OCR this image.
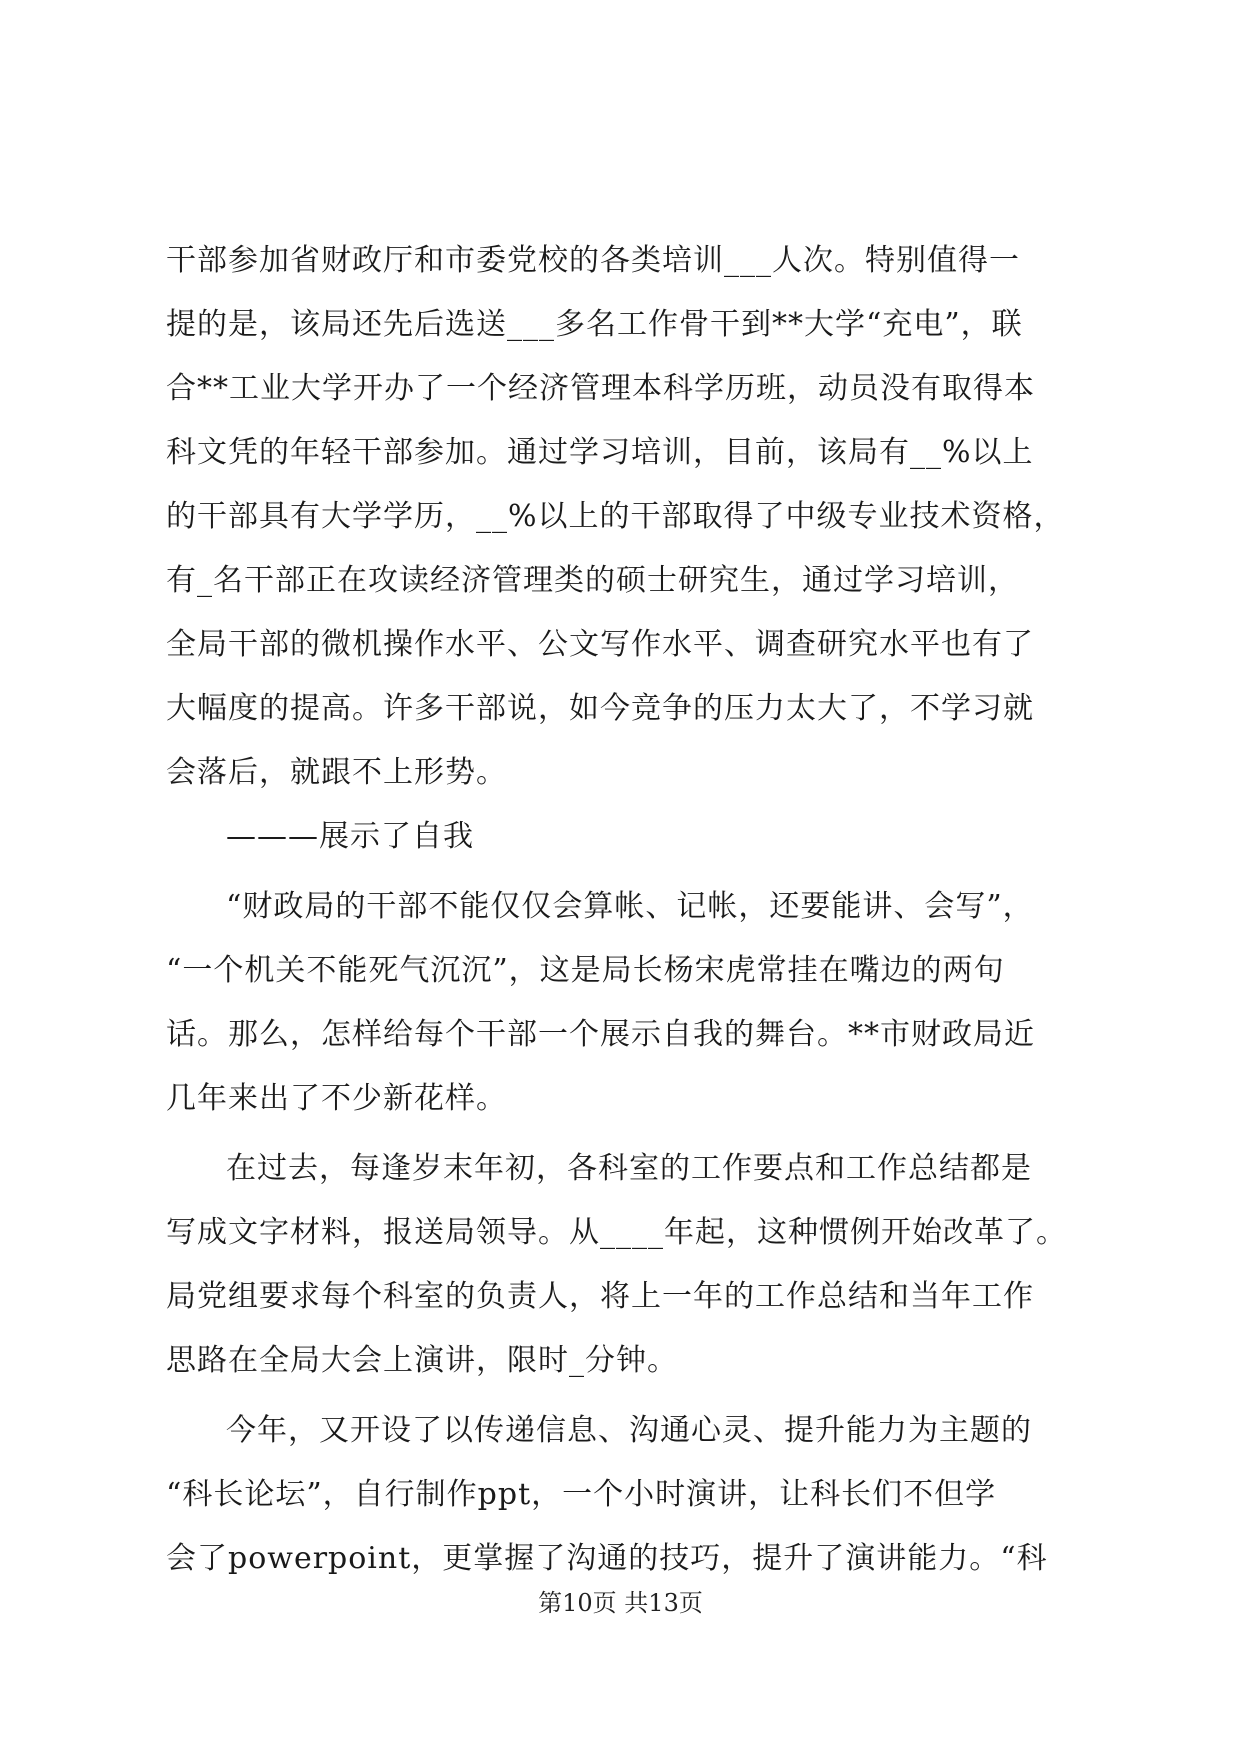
干部参加省财政厅和市委党校的各类培训___人次。特别值得一
提的是，该局还先后选送___多名工作骨干到**大学“充电”，联
合**工业大学开办了一个经济管理本科学历班，动员没有取得本
科文凭的年轻干部参加。通过学习培训，目前，该局有__%以上
的干部具有大学学历，__%以上的干部取得了中级专业技术资格，
有_名干部正在攻读经济管理类的硕士研究生，通过学习培训，
全局干部的微机操作水平、公文写作水平、调查研究水平也有了
大幅度的提高。许多干部说，如今竞争的压力太大了，不学习就
会落后，就跟不上形势。
———展示了自我
“财政局的干部不能仅仅会算帐、记帐，还要能讲、会写”，
“一个机关不能死气沉沉”，这是局长杨宋虎常挂在嘴边的两句
话。那么，怎样给每个干部一个展示自我的舞台。**市财政局近
几年来出了不少新花样。
在过去，每逢岁末年初，各科室的工作要点和工作总结都是
写成文字材料，报送局领导。从____年起，这种惯例开始改革了。
局党组要求每个科室的负责人，将上一年的工作总结和当年工作
思路在全局大会上演讲，限时_分钟。
今年，又开设了以传递信息、沟通心灵、提升能力为主题的
“科长论坛”，自行制作ppt，一个小时演讲，让科长们不但学
会了powerpoint，更掌握了沟通的技巧，提升了演讲能力。“科
第10页 共13页
